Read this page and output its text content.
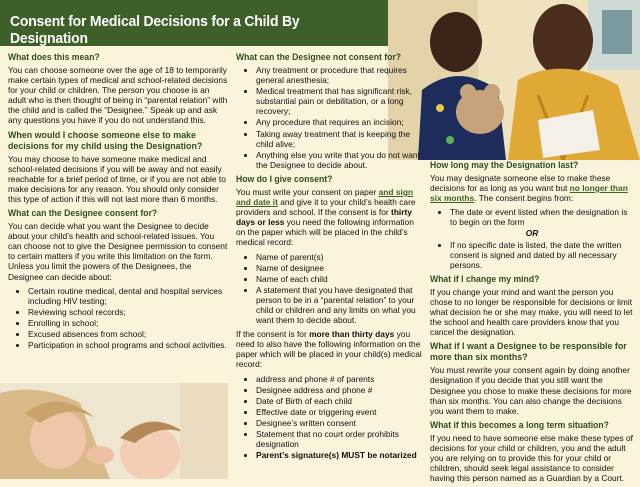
Consent for Medical Decisions for a Child By Designation
What does this mean?

You can choose someone over the age of 18 to temporarily make certain types of medical and school-related decisions for your child or children. The person you choose is an adult who is then thought of being in “parental relation” with the child and is called the “Designee.” Speak up and ask any questions you have if you do not understand this.

When would I choose someone else to make decisions for my child using the Designation?

You may choose to have someone make medical and school-related decisions if you will be away and not easily reachable for a brief period of time, or if you are not able to make decisions for any reason. You should only consider this type of action if this will not last more than 6 months.

What can the Designee consent for?

You can decide what you want the Designee to decide about your child’s health and school-related issues. You can choose not to give the Designee permission to consent to certain matters if you write this limitation on the form. Unless you limit the powers of the Designees, the Designee can decide about:

• Certain routine medical, dental and hospital services including HIV testing;
• Reviewing school records;
• Enrolling in school;
• Excused absences from school;
• Participation in school programs and school activities.
What can the Designee not consent for?
• Any treatment or procedure that requires general anesthesia;
• Medical treatment that has significant risk, substantial pain or debilitation, or a long recovery;
• Any procedure that requires an incision;
• Taking away treatment that is keeping the child alive;
• Anything else you write that you do not want the Designee to decide about.
How do I give consent?

You must write your consent on paper and sign and date it and give it to your child’s health care providers and school. If the consent is for thirty days or less you need the following information on the paper which will be placed in the child’s medical record:

• Name of parent(s)
• Name of designee
• Name of each child
• A statement that you have designated that person to be in a “parental relation” to your child or children and any limits on what you want them to decide about.

If the consent is for more than thirty days you need to also have the following information on the paper which will be placed in your child(s) medical record:

• address and phone # of parents
• Designee address and phone #
• Date of Birth of each child
• Effective date or triggering event
• Designee’s written consent
• Statement that no court order prohibits designation
• Parent’s signature(s) MUST be notarized
How long may the Designation last?

You may designate someone else to make these decisions for as long as you want but no longer than six months. The consent begins from:

• The date or event listed when the designation is to begin on the form
OR
• If no specific date is listed, the date the written consent is signed and dated by all necessary persons.
What if I change my mind?

If you change your mind and want the person you chose to no longer be responsible for decisions or limit what decision he or she may make, you will need to let the school and health care providers know that you cancel the designation.

What if I want a Designee to be responsible for more than six months?

You must rewrite your consent again by doing another designation if you decide that you still want the Designee you chose to make these decisions for more than six months. You can also change the decisions you want them to make.

What if this becomes a long term situation?

If you need to have someone else make these types of decisions for your child or children, you and the adult you are relying on to provide this for your child or children, should seek legal assistance to consider having this person named as a Guardian by a Court.
